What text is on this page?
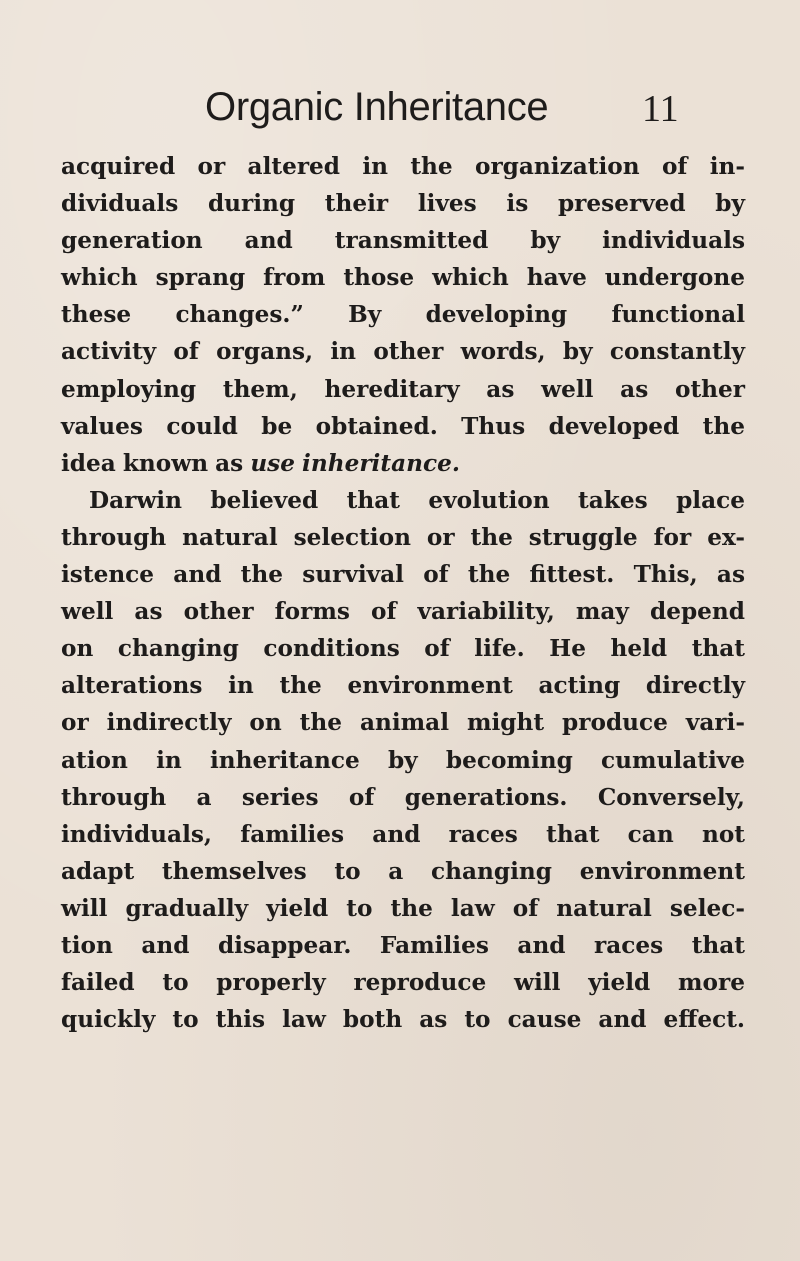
Organic Inheritance 11
acquired or altered in the organization of in-
dividuals during their lives is preserved by
generation and transmitted by individuals
which sprang from those which have undergone
these changes.” By developing functional
activity of organs, in other words, by constantly
employing them, hereditary as well as other
values could be obtained. Thus developed the
idea known as use inheritance.
Darwin believed that evolution takes place
through natural selection or the struggle for ex-
istence and the survival of the fittest. This, as
well as other forms of variability, may depend
on changing conditions of life. He held that
alterations in the environment acting directly
or indirectly on the animal might produce vari-
ation in inheritance by becoming cumulative
through a series of generations. Conversely,
individuals, families and races that can not
adapt themselves to a changing environment
will gradually yield to the law of natural selec-
tion and disappear. Families and races that
failed to properly reproduce will yield more
quickly to this law both as to cause and effect.
